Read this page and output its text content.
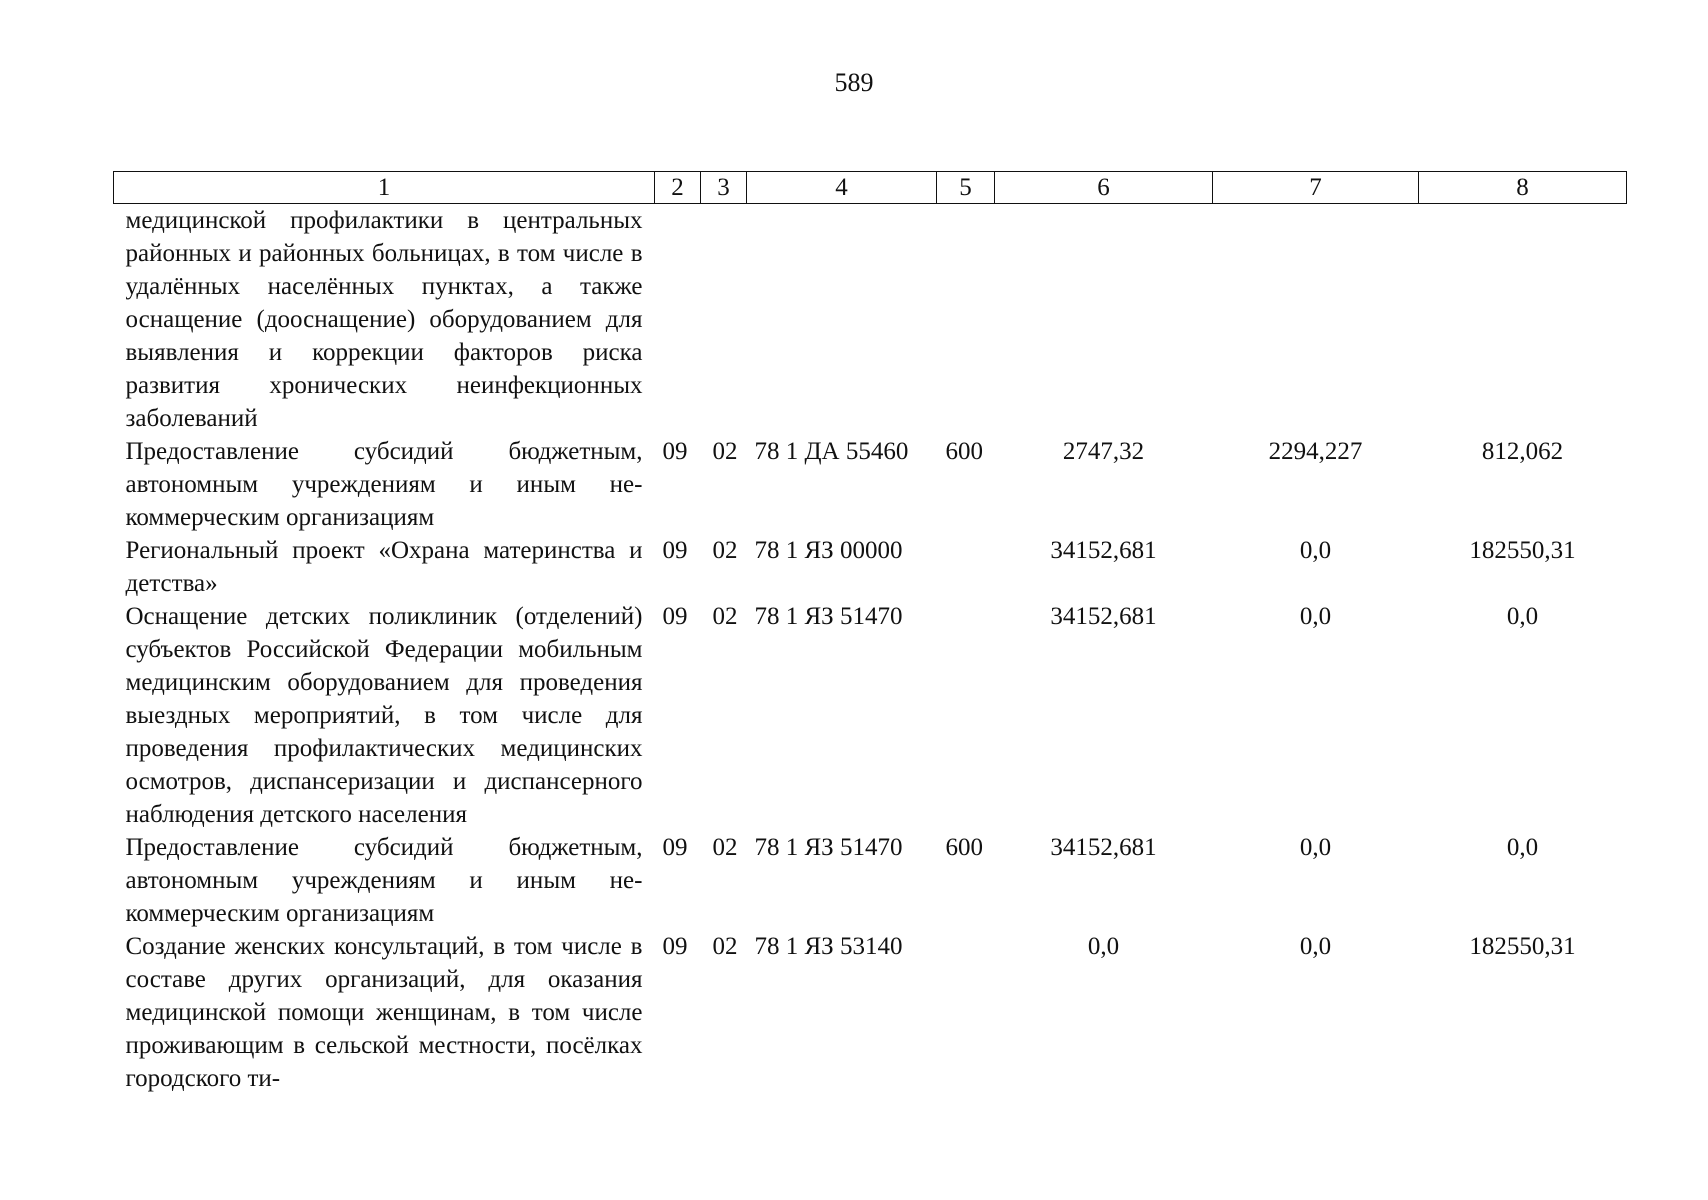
589
1	2	3	4	5	6	7	8
медицинской профилактики в центральных районных и районных больницах, в том числе в удалённых населённых пунктах, а также оснащение (дооснащение) оборудованием для выявления и коррекции факторов риска развития хронических неинфекционных заболеваний							
Предоставление субсидий бюджетным, автономным учреждениям и иным некоммерческим организациям	09	02	78 1 ДА 55460	600	2747,32	2294,227	812,062
Региональный проект «Охрана материнства и детства»	09	02	78 1 ЯЗ 00000		34152,681	0,0	182550,31
Оснащение детских поликлиник (отделений) субъектов Российской Федерации мобильным медицинским оборудованием для проведения выездных мероприятий, в том числе для проведения профилактических медицинских осмотров, диспансеризации и диспансерного наблюдения детского населения	09	02	78 1 ЯЗ 51470		34152,681	0,0	0,0
Предоставление субсидий бюджетным, автономным учреждениям и иным некоммерческим организациям	09	02	78 1 ЯЗ 51470	600	34152,681	0,0	0,0
Создание женских консультаций, в том числе в составе других организаций, для оказания медицинской помощи женщинам, в том числе проживающим в сельской местности, посёлках городского ти-	09	02	78 1 ЯЗ 53140		0,0	0,0	182550,31
